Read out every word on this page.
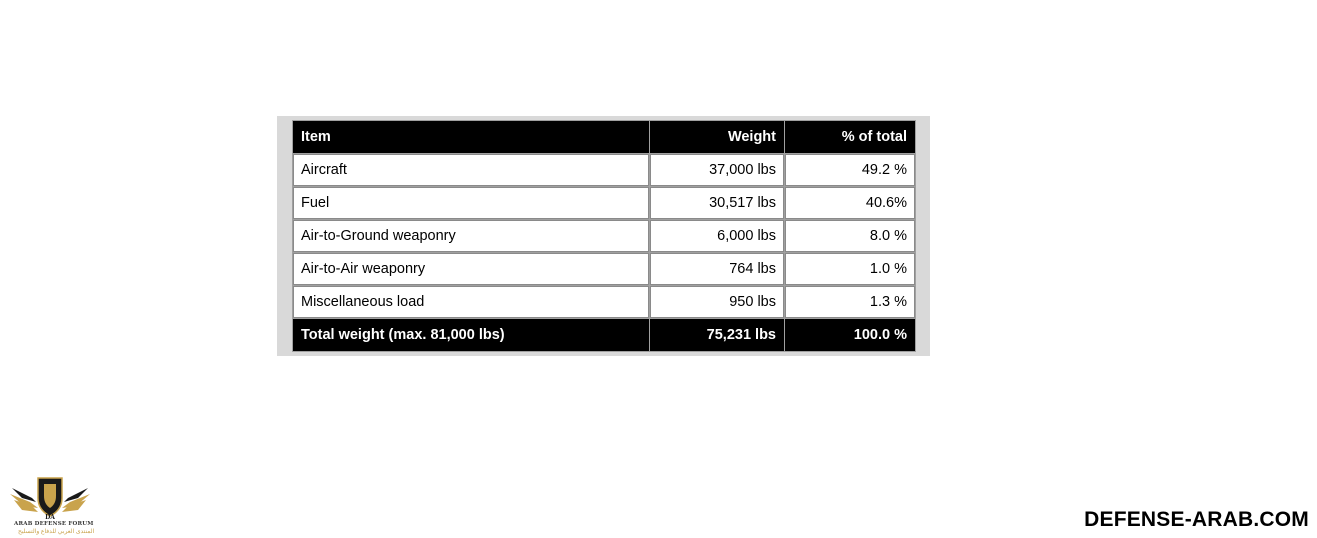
Item	Weight	% of total
Aircraft	37,000 lbs	49.2 %
Fuel	30,517 lbs	40.6%
Air-to-Ground weaponry	6,000 lbs	8.0 %
Air-to-Air weaponry	764 lbs	1.0 %
Miscellaneous load	950 lbs	1.3 %
Total weight (max. 81,000 lbs)	75,231 lbs	100.0 %
DA
ARAB DEFENSE FORUM
المنتدى العربي للدفاع والتسليح
DEFENSE-ARAB.COM
